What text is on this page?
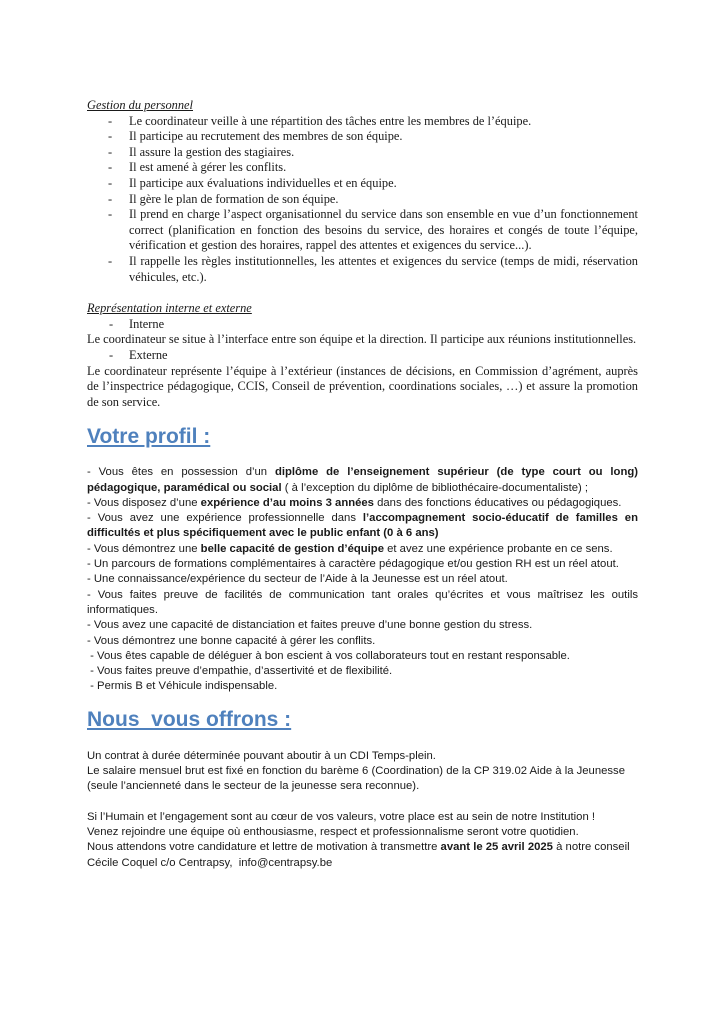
Gestion du personnel

- Le coordinateur veille à une répartition des tâches entre les membres de l’équipe.
- Il participe au recrutement des membres de son équipe.
- Il assure la gestion des stagiaires.
- Il est amené à gérer les conflits.
- Il participe aux évaluations individuelles et en équipe.
- Il gère le plan de formation de son équipe.
- Il prend en charge l’aspect organisationnel du service dans son ensemble en vue d’un fonctionnement correct (planification en fonction des besoins du service, des horaires et congés de toute l’équipe, vérification et gestion des horaires, rappel des attentes et exigences du service...).
- Il rappelle les règles institutionnelles, les attentes et exigences du service (temps de midi, réservation véhicules, etc.).

Représentation interne et externe

- Interne

Le coordinateur se situe à l’interface entre son équipe et la direction. Il participe aux réunions institutionnelles.

- Externe

Le coordinateur représente l’équipe à l’extérieur (instances de décisions, en Commission d’agrément, auprès de l’inspectrice pédagogique, CCIS, Conseil de prévention, coordinations sociales, …) et assure la promotion de son service.

Votre profil :

- Vous êtes en possession d’un diplôme de l’enseignement supérieur (de type court ou long) pédagogique, paramédical ou social ( à l’exception du diplôme de bibliothécaire-documentaliste) ;

- Vous disposez d’une expérience d’au moins 3 années dans des fonctions éducatives ou pédagogiques.

- Vous avez une expérience professionnelle dans l’accompagnement socio-éducatif de familles en difficultés et plus spécifiquement avec le public enfant (0 à 6 ans)

- Vous démontrez une belle capacité de gestion d’équipe et avez une expérience probante en ce sens.

- Un parcours de formations complémentaires à caractère pédagogique et/ou gestion RH est un réel atout.

- Une connaissance/expérience du secteur de l’Aide à la Jeunesse est un réel atout.

- Vous faites preuve de facilités de communication tant orales qu’écrites et vous maîtrisez les outils informatiques.

- Vous avez une capacité de distanciation et faites preuve d’une bonne gestion du stress.

- Vous démontrez une bonne capacité à gérer les conflits.

- Vous êtes capable de déléguer à bon escient à vos collaborateurs tout en restant responsable.

- Vous faites preuve d’empathie, d’assertivité et de flexibilité.

- Permis B et Véhicule indispensable.

Nous  vous offrons :

Un contrat à durée déterminée pouvant aboutir à un CDI Temps-plein.

Le salaire mensuel brut est fixé en fonction du barème 6 (Coordination) de la CP 319.02 Aide à la Jeunesse (seule l’ancienneté dans le secteur de la jeunesse sera reconnue).

Si l’Humain et l’engagement sont au cœur de vos valeurs, votre place est au sein de notre Institution !

Venez rejoindre une équipe où enthousiasme, respect et professionnalisme seront votre quotidien.

Nous attendons votre candidature et lettre de motivation à transmettre avant le 25 avril 2025 à notre conseil Cécile Coquel c/o Centrapsy,  info@centrapsy.be
